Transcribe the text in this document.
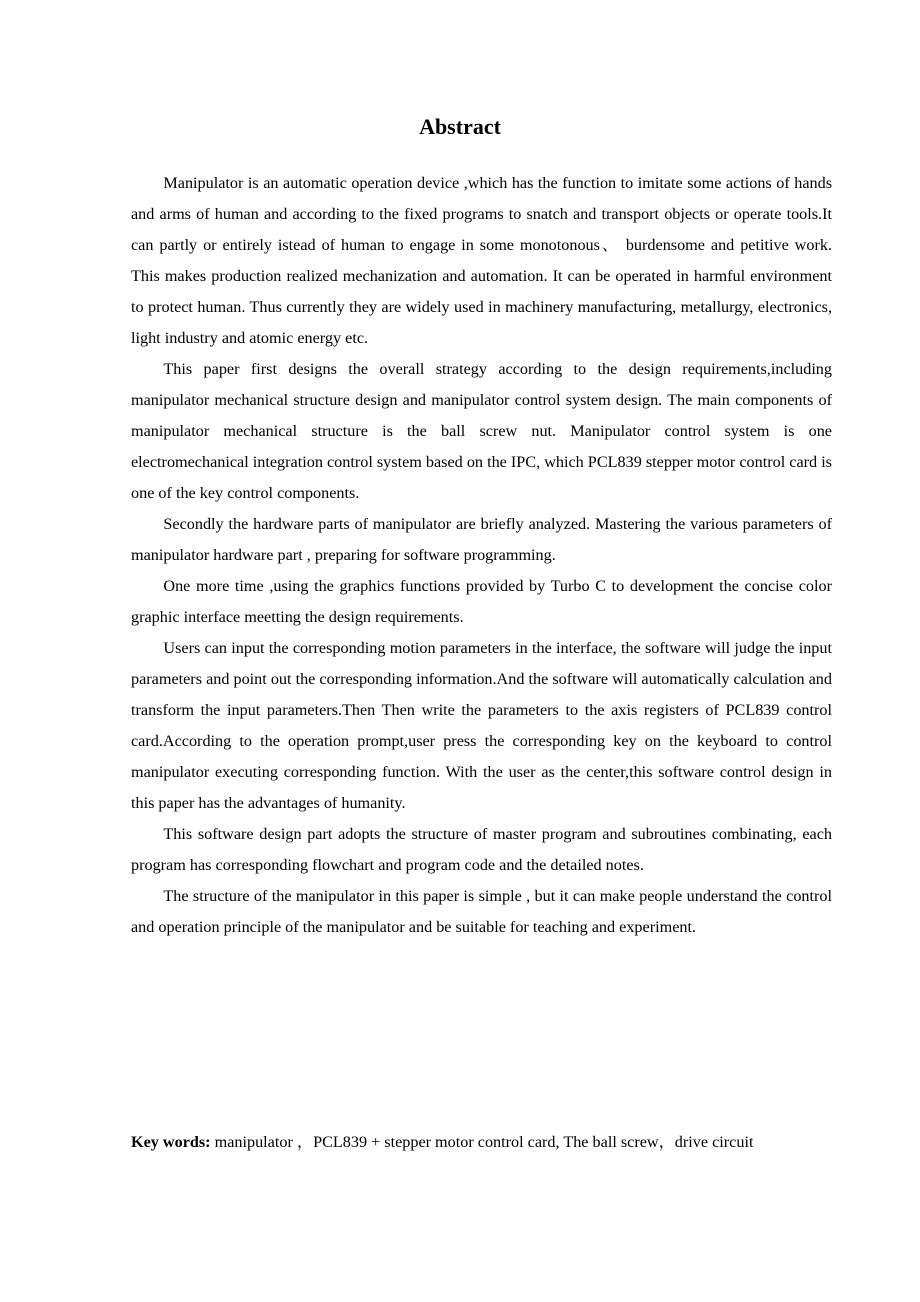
Abstract

Manipulator is an automatic operation device ,which has the function to imitate some actions of hands and arms of human and according to the fixed programs to snatch and transport objects or operate tools.It can partly or entirely istead of human to engage in some monotonous、 burdensome and petitive work. This makes production realized mechanization and automation. It can be operated in harmful environment to protect human. Thus currently they are widely used in machinery manufacturing, metallurgy, electronics, light industry and atomic energy etc.

This paper first designs the overall strategy according to the design requirements,including manipulator mechanical structure design and manipulator control system design. The main components of manipulator mechanical structure is the ball screw nut. Manipulator control system is one electromechanical integration control system based on the IPC, which PCL839 stepper motor control card is one of the key control components.

Secondly the hardware parts of manipulator are briefly analyzed. Mastering the various parameters of manipulator hardware part , preparing for software programming.

One more time ,using the graphics functions provided by Turbo C to development the concise color graphic interface meetting the design requirements.

Users can input the corresponding motion parameters in the interface, the software will judge the input parameters and point out the corresponding information.And the software will automatically calculation and transform the input parameters.Then Then write the parameters to the axis registers of PCL839 control card.According to the operation prompt,user press the corresponding key on the keyboard to control manipulator executing corresponding function. With the user as the center,this software control design in this paper has the advantages of humanity.

This software design part adopts the structure of master program and subroutines combinating, each program has corresponding flowchart and program code and the detailed notes.

The structure of the manipulator in this paper is simple , but it can make people understand the control and operation principle of the manipulator and be suitable for teaching and experiment.

Key words: manipulator ，PCL839 + stepper motor control card, The ball screw，drive circuit
